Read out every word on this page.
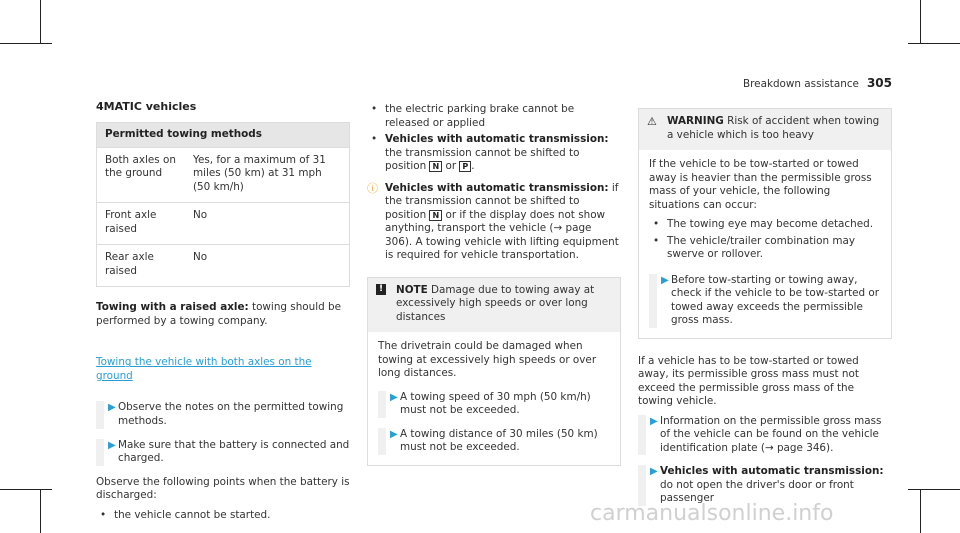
Breakdown assistance 305
4MATIC vehicles
Permitted towing methods	
Both axles on the ground	Yes, for a maximum of 31 miles (50 km) at 31 mph (50 km/h)
Front axle raised	No
Rear axle raised	No
Towing with a raised axle: towing should be performed by a towing company.
Towing the vehicle with both axles on the ground
▶ Observe the notes on the permitted towing methods.
▶ Make sure that the battery is connected and charged.
Observe the following points when the battery is discharged:
• the vehicle cannot be started.
• the electric parking brake cannot be released or applied
• Vehicles with automatic transmission: the transmission cannot be shifted to position N or P .
ⓘ Vehicles with automatic transmission: if the transmission cannot be shifted to position N or if the display does not show anything, transport the vehicle (→ page 306). A towing vehicle with lifting equipment is required for vehicle transportation.
! NOTE Damage due to towing away at excessively high speeds or over long distances
The drivetrain could be damaged when towing at excessively high speeds or over long distances.
▶ A towing speed of 30 mph (50 km/h) must not be exceeded.
▶ A towing distance of 30 miles (50 km) must not be exceeded.
⚠ WARNING Risk of accident when towing a vehicle which is too heavy
If the vehicle to be tow-started or towed away is heavier than the permissible gross mass of your vehicle, the following situations can occur:
• The towing eye may become detached.
• The vehicle/trailer combination may swerve or rollover.
▶ Before tow-starting or towing away, check if the vehicle to be tow-started or towed away exceeds the permissible gross mass.
If a vehicle has to be tow-started or towed away, its permissible gross mass must not exceed the permissible gross mass of the towing vehicle.
▶ Information on the permissible gross mass of the vehicle can be found on the vehicle identification plate (→ page 346).
▶ Vehicles with automatic transmission: do not open the driver's door or front passenger
carmanualsonline.info
